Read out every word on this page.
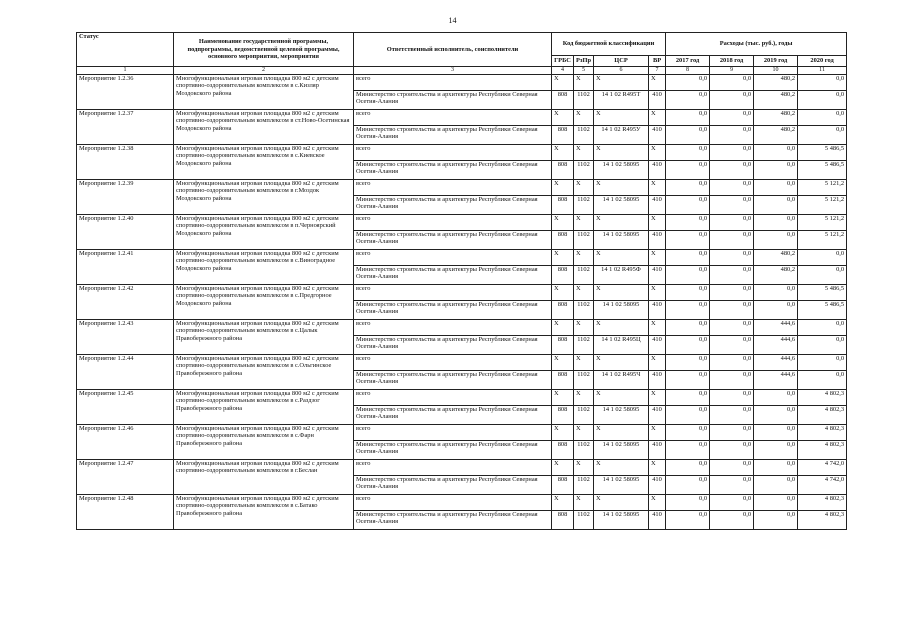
14
Статус	Наименование государственной программы, подпрограммы, ведомственной целевой программы, основного мероприятия, мероприятия	Ответственный исполнитель, соисполнители	Код бюджетной классификации				Расходы (тыс. руб.), годы			
			ГРБС	РзПр	ЦСР	ВР	2017 год	2018 год	2019 год	2020 год
1	2	3	4	5	6	7	8	9	10	11
Мероприятие 1.2.36	Многофункциональная игровая площадка 800 м2 с детским спортивно-оздоровительным комплексом в с.Кизляр Моздокского района	всего	Х	Х	Х	Х	0,0	0,0	480,2	0,0
		Министерство строительства и архитектуры Республики Северная Осетия-Алания	808	1102	14 1 02 R495Т	410	0,0	0,0	480,2	0,0
Мероприятие 1.2.37	Многофункциональная игровая площадка 800 м2 с детским спортивно-оздоровительным комплексом в ст.Ново-Осетинская Моздокского района	всего	Х	Х	Х	Х	0,0	0,0	480,2	0,0
		Министерство строительства и архитектуры Республики Северная Осетия-Алания	808	1102	14 1 02 R495У	410	0,0	0,0	480,2	0,0
Мероприятие 1.2.38	Многофункциональная игровая площадка 800 м2 с детским спортивно-оздоровительным комплексом в с.Киевское Моздокского района	всего	Х	Х	Х	Х	0,0	0,0	0,0	5 486,5
		Министерство строительства и архитектуры Республики Северная Осетия-Алания	808	1102	14 1 02 58095	410	0,0	0,0	0,0	5 486,5
Мероприятие 1.2.39	Многофункциональная игровая площадка 800 м2 с детским спортивно-оздоровительным комплексом в г.Моздок Моздокского района	всего	Х	Х	Х	Х	0,0	0,0	0,0	5 121,2
		Министерство строительства и архитектуры Республики Северная Осетия-Алания	808	1102	14 1 02 58095	410	0,0	0,0	0,0	5 121,2
Мероприятие 1.2.40	Многофункциональная игровая площадка 800 м2 с детским спортивно-оздоровительным комплексом в п.Черноярский Моздокского района	всего	Х	Х	Х	Х	0,0	0,0	0,0	5 121,2
		Министерство строительства и архитектуры Республики Северная Осетия-Алания	808	1102	14 1 02 58095	410	0,0	0,0	0,0	5 121,2
Мероприятие 1.2.41	Многофункциональная игровая площадка 800 м2 с детским спортивно-оздоровительным комплексом в с.Виноградное Моздокского района	всего	Х	Х	Х	Х	0,0	0,0	480,2	0,0
		Министерство строительства и архитектуры Республики Северная Осетия-Алания	808	1102	14 1 02 R495Ф	410	0,0	0,0	480,2	0,0
Мероприятие 1.2.42	Многофункциональная игровая площадка 800 м2 с детским спортивно-оздоровительным комплексом в с.Предгорное Моздокского района	всего	Х	Х	Х	Х	0,0	0,0	0,0	5 486,5
		Министерство строительства и архитектуры Республики Северная Осетия-Алания	808	1102	14 1 02 58095	410	0,0	0,0	0,0	5 486,5
Мероприятие 1.2.43	Многофункциональная игровая площадка 800 м2 с детским спортивно-оздоровительным комплексом в с.Цалык Правобережного района	всего	Х	Х	Х	Х	0,0	0,0	444,6	0,0
		Министерство строительства и архитектуры Республики Северная Осетия-Алания	808	1102	14 1 02 R495Ц	410	0,0	0,0	444,6	0,0
Мероприятие 1.2.44	Многофункциональная игровая площадка 800 м2 с детским спортивно-оздоровительным комплексом в с.Ольгинское Правобережного района	всего	Х	Х	Х	Х	0,0	0,0	444,6	0,0
		Министерство строительства и архитектуры Республики Северная Осетия-Алания	808	1102	14 1 02 R495Ч	410	0,0	0,0	444,6	0,0
Мероприятие 1.2.45	Многофункциональная игровая площадка 800 м2 с детским спортивно-оздоровительным комплексом в с.Раздзог Правобережного района	всего	Х	Х	Х	Х	0,0	0,0	0,0	4 802,3
		Министерство строительства и архитектуры Республики Северная Осетия-Алания	808	1102	14 1 02 58095	410	0,0	0,0	0,0	4 802,3
Мероприятие 1.2.46	Многофункциональная игровая площадка 800 м2 с детским спортивно-оздоровительным комплексом в с.Фарн Правобережного района	всего	Х	Х	Х	Х	0,0	0,0	0,0	4 802,3
		Министерство строительства и архитектуры Республики Северная Осетия-Алания	808	1102	14 1 02 58095	410	0,0	0,0	0,0	4 802,3
Мероприятие 1.2.47	Многофункциональная игровая площадка 800 м2 с детским спортивно-оздоровительным комплексом в г.Беслан	всего	Х	Х	Х	Х	0,0	0,0	0,0	4 742,0
		Министерство строительства и архитектуры Республики Северная Осетия-Алания	808	1102	14 1 02 58095	410	0,0	0,0	0,0	4 742,0
Мероприятие 1.2.48	Многофункциональная игровая площадка 800 м2 с детским спортивно-оздоровительным комплексом в с.Батако Правобережного района	всего	Х	Х	Х	Х	0,0	0,0	0,0	4 802,3
		Министерство строительства и архитектуры Республики Северная Осетия-Алания	808	1102	14 1 02 58095	410	0,0	0,0	0,0	4 802,3
